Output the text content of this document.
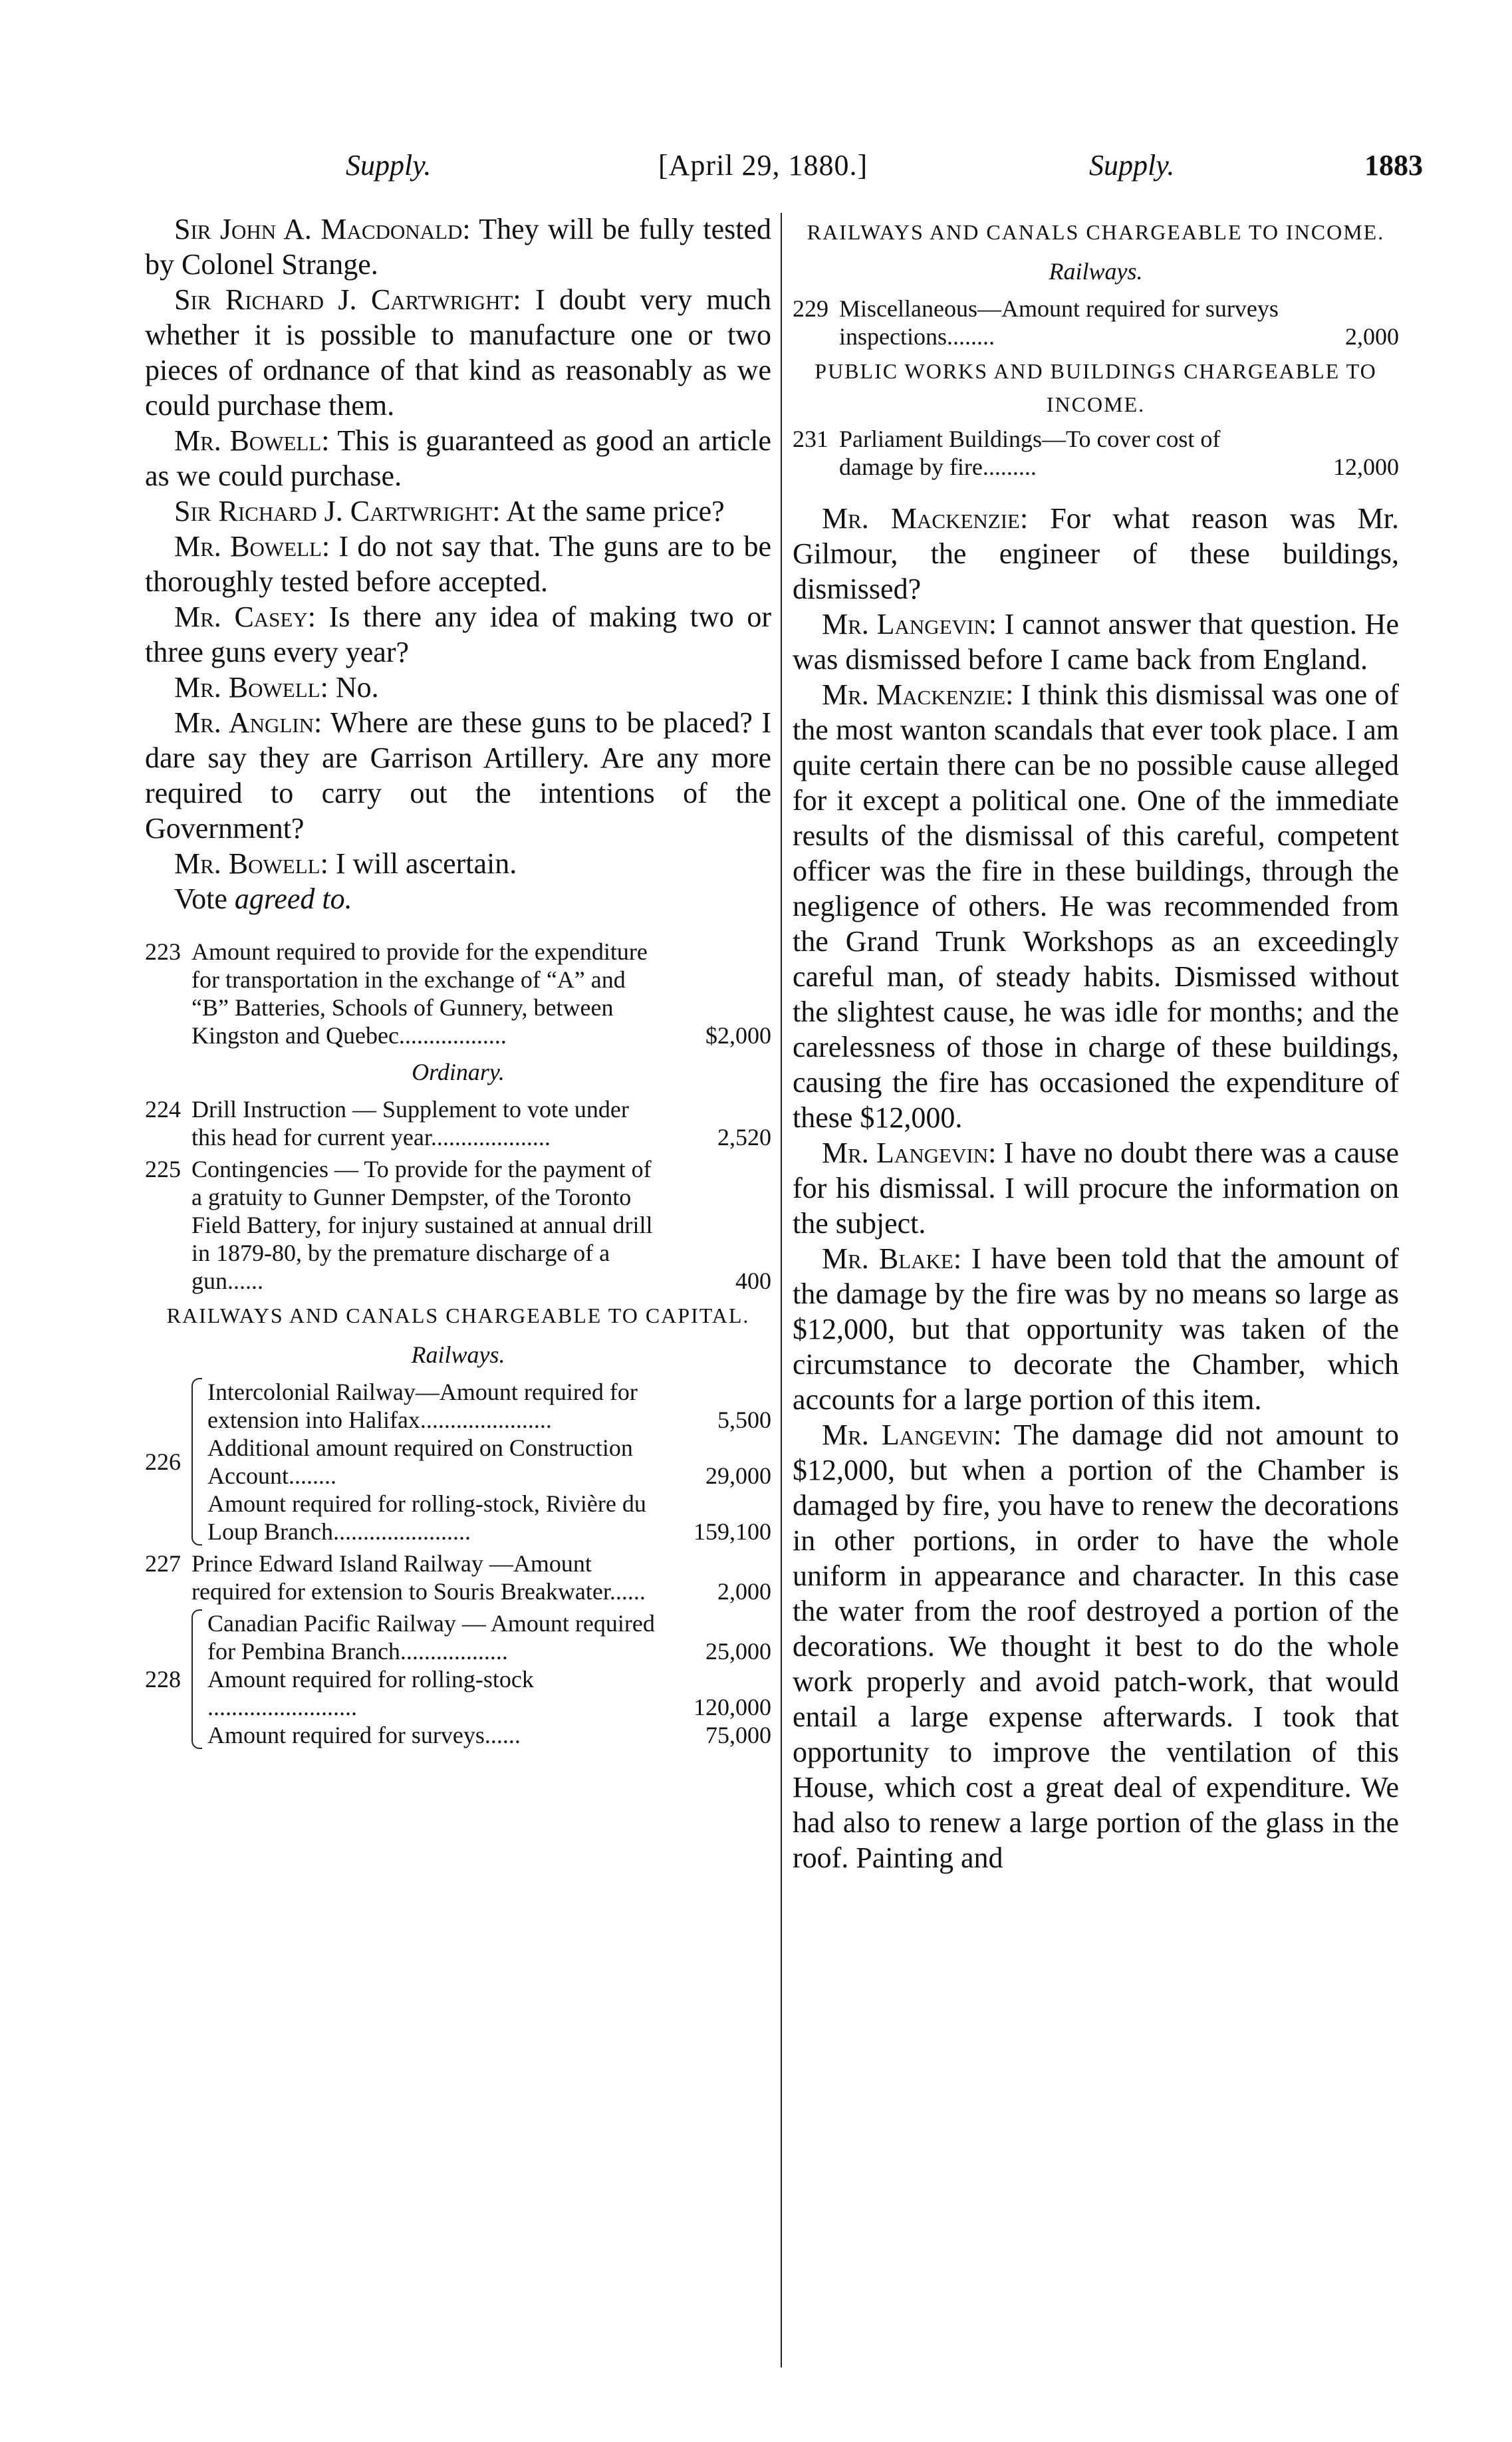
Supply.	[April 29, 1880.]	Supply.	1883

Sir John A. Macdonald: They will be fully tested by Colonel Strange.

Sir Richard J. Cartwright: I doubt very much whether it is possible to manufacture one or two pieces of ordnance of that kind as reasonably as we could purchase them.

Mr. Bowell: This is guaranteed as good an article as we could purchase.

Sir Richard J. Cartwright: At the same price?

Mr. Bowell: I do not say that. The guns are to be thoroughly tested before accepted.

Mr. Casey: Is there any idea of making two or three guns every year?

Mr. Bowell: No.

Mr. Anglin: Where are these guns to be placed? I dare say they are Garrison Artillery. Are any more required to carry out the intentions of the Government?

Mr. Bowell: I will ascertain.

Vote agreed to.

223 Amount required to provide for the expenditure for transportation in the exchange of “A” and “B” Batteries, Schools of Gunnery, between Kingston and Quebec..................	$2,000
Ordinary.
224 Drill Instruction — Supplement to vote under this head for current year....................	2,520
225 Contingencies — To provide for the payment of a gratuity to Gunner Dempster, of the Toronto Field Battery, for injury sustained at annual drill in 1879-80, by the premature discharge of a gun......	400
RAILWAYS AND CANALS CHARGEABLE TO CAPITAL.
Railways.
226
Intercolonial Railway—Amount required for extension into Halifax......................	5,500
Additional amount required on Construction Account........	29,000
Amount required for rolling-stock, Rivière du Loup Branch.......................	159,100
227 Prince Edward Island Railway —Amount required for extension to Souris Breakwater......	2,000
228
Canadian Pacific Railway — Amount required for Pembina Branch..................	25,000
Amount required for rolling-stock .........................	120,000
Amount required for surveys......	75,000
RAILWAYS AND CANALS CHARGEABLE TO INCOME.
Railways.
229 Miscellaneous—Amount required for surveys inspections........	2,000
PUBLIC WORKS AND BUILDINGS CHARGEABLE TO INCOME.
231 Parliament Buildings—To cover cost of damage by fire.........	12,000

Mr. Mackenzie: For what reason was Mr. Gilmour, the engineer of these buildings, dismissed?

Mr. Langevin: I cannot answer that question. He was dismissed before I came back from England.

Mr. Mackenzie: I think this dismissal was one of the most wanton scandals that ever took place. I am quite certain there can be no possible cause alleged for it except a political one. One of the immediate results of the dismissal of this careful, competent officer was the fire in these buildings, through the negligence of others. He was recommended from the Grand Trunk Workshops as an exceedingly careful man, of steady habits. Dismissed without the slightest cause, he was idle for months; and the carelessness of those in charge of these buildings, causing the fire has occasioned the expenditure of these $12,000.

Mr. Langevin: I have no doubt there was a cause for his dismissal. I will procure the information on the subject.

Mr. Blake: I have been told that the amount of the damage by the fire was by no means so large as $12,000, but that opportunity was taken of the circumstance to decorate the Chamber, which accounts for a large portion of this item.

Mr. Langevin: The damage did not amount to $12,000, but when a portion of the Chamber is damaged by fire, you have to renew the decorations in other portions, in order to have the whole uniform in appearance and character. In this case the water from the roof destroyed a portion of the decorations. We thought it best to do the whole work properly and avoid patch-work, that would entail a large expense afterwards. I took that opportunity to improve the ventilation of this House, which cost a great deal of expenditure. We had also to renew a large portion of the glass in the roof. Painting and
